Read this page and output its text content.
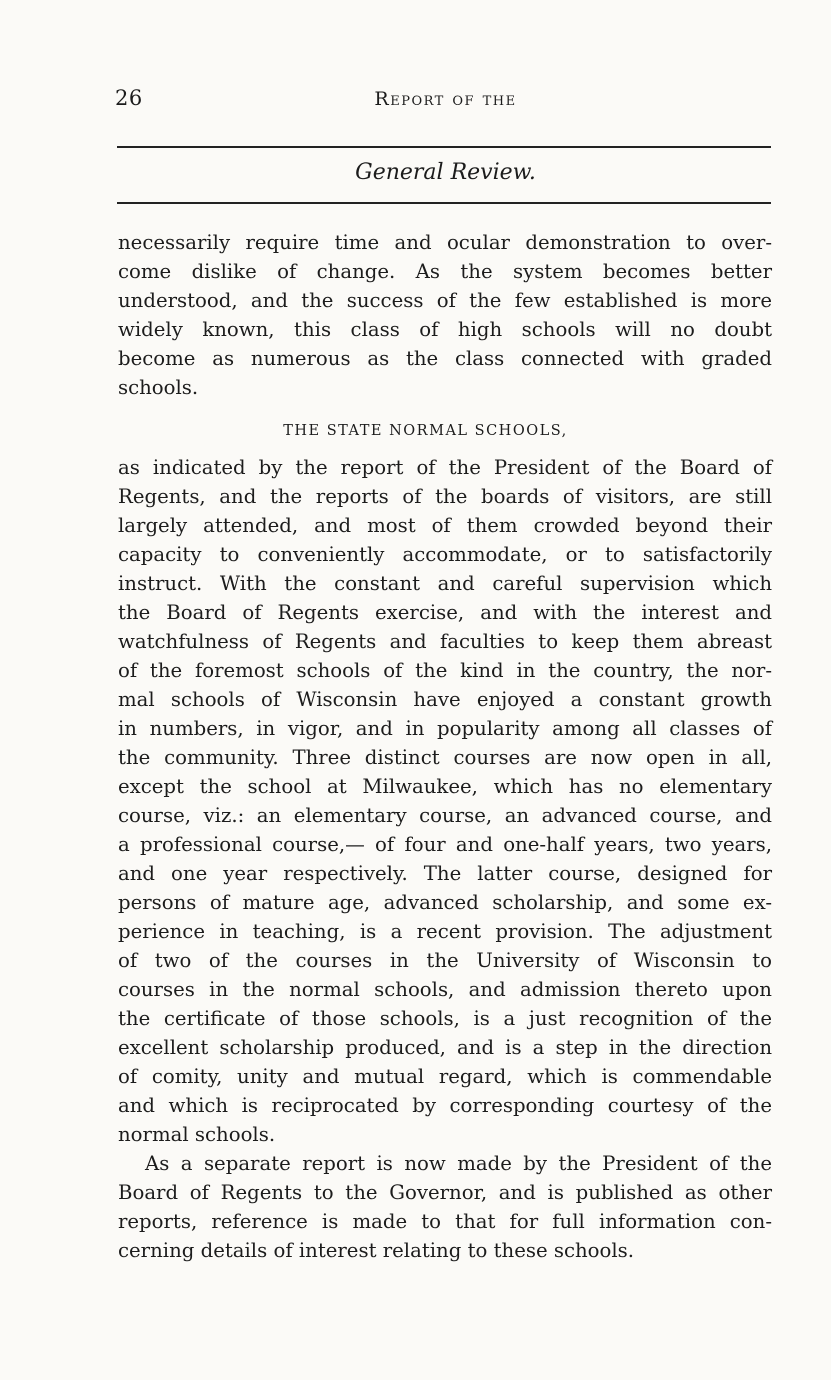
26	Report of the
General Review.
necessarily require time and ocular demonstration to over-
come dislike of change. As the system becomes better
understood, and the success of the few established is more
widely known, this class of high schools will no doubt
become as numerous as the class connected with graded
schools.
THE STATE NORMAL SCHOOLS,
as indicated by the report of the President of the Board of
Regents, and the reports of the boards of visitors, are still
largely attended, and most of them crowded beyond their
capacity to conveniently accommodate, or to satisfactorily
instruct. With the constant and careful supervision which
the Board of Regents exercise, and with the interest and
watchfulness of Regents and faculties to keep them abreast
of the foremost schools of the kind in the country, the nor-
mal schools of Wisconsin have enjoyed a constant growth
in numbers, in vigor, and in popularity among all classes of
the community. Three distinct courses are now open in all,
except the school at Milwaukee, which has no elementary
course, viz.: an elementary course, an advanced course, and
a professional course,— of four and one-half years, two years,
and one year respectively. The latter course, designed for
persons of mature age, advanced scholarship, and some ex-
perience in teaching, is a recent provision. The adjustment
of two of the courses in the University of Wisconsin to
courses in the normal schools, and admission thereto upon
the certificate of those schools, is a just recognition of the
excellent scholarship produced, and is a step in the direction
of comity, unity and mutual regard, which is commendable
and which is reciprocated by corresponding courtesy of the
normal schools.
As a separate report is now made by the President of the
Board of Regents to the Governor, and is published as other
reports, reference is made to that for full information con-
cerning details of interest relating to these schools.
